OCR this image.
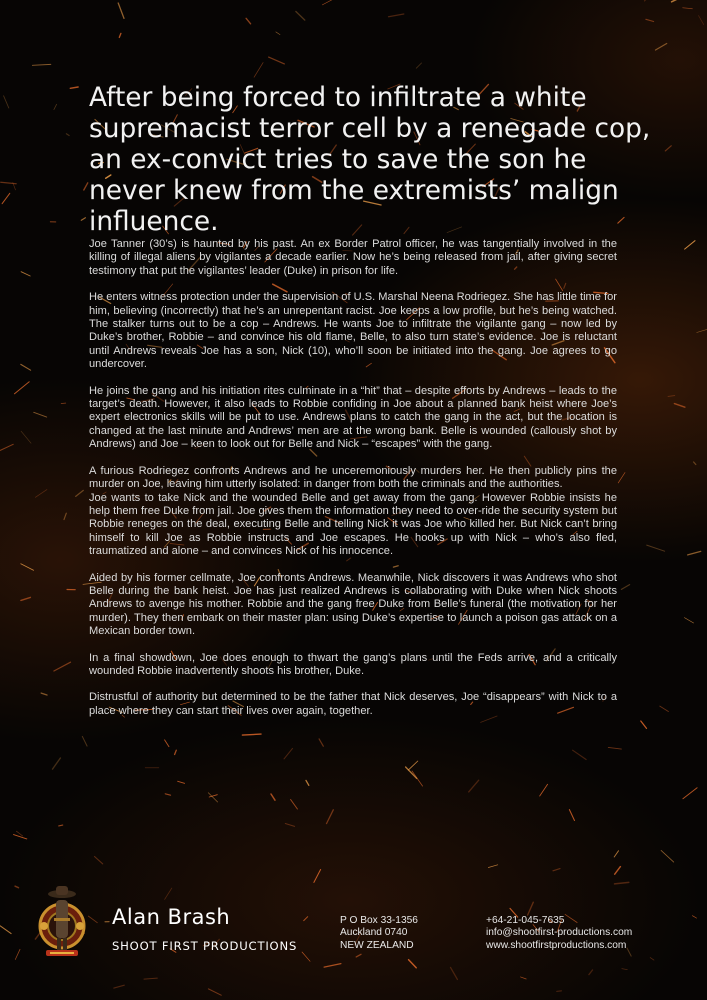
After being forced to infiltrate a white supremacist terror cell by a renegade cop, an ex-convict tries to save the son he never knew from the extremists’ malign influence.

Joe Tanner (30’s) is haunted by his past. An ex Border Patrol officer, he was tangentially involved in the killing of illegal aliens by vigilantes a decade earlier. Now he’s being released from jail, after giving secret testimony that put the vigilantes’ leader (Duke) in prison for life.

He enters witness protection under the supervision of U.S. Marshal Neena Rodriegez. She has little time for him, believing (incorrectly) that he’s an unrepentant racist. Joe keeps a low profile, but he’s being watched. The stalker turns out to be a cop – Andrews. He wants Joe to infiltrate the vigilante gang – now led by Duke’s brother, Robbie – and convince his old flame, Belle, to also turn state’s evidence. Joe is reluctant until Andrews reveals Joe has a son, Nick (10), who’ll soon be initiated into the gang. Joe agrees to go undercover.

He joins the gang and his initiation rites culminate in a “hit” that – despite efforts by Andrews – leads to the target’s death. However, it also leads to Robbie confiding in Joe about a planned bank heist where Joe’s expert electronics skills will be put to use. Andrews plans to catch the gang in the act, but the location is changed at the last minute and Andrews’ men are at the wrong bank. Belle is wounded (callously shot by Andrews) and Joe – keen to look out for Belle and Nick – “escapes” with the gang.

A furious Rodriegez confronts Andrews and he unceremoniously murders her. He then publicly pins the murder on Joe, leaving him utterly isolated: in danger from both the criminals and the authorities.

Joe wants to take Nick and the wounded Belle and get away from the gang. However Robbie insists he help them free Duke from jail. Joe gives them the information they need to over-ride the security system but Robbie reneges on the deal, executing Belle and telling Nick it was Joe who killed her. But Nick can’t bring himself to kill Joe as Robbie instructs and Joe escapes. He hooks up with Nick – who’s also fled, traumatized and alone – and convinces Nick of his innocence.

Aided by his former cellmate, Joe confronts Andrews. Meanwhile, Nick discovers it was Andrews who shot Belle during the bank heist. Joe has just realized Andrews is collaborating with Duke when Nick shoots Andrews to avenge his mother. Robbie and the gang free Duke from Belle’s funeral (the motivation for her murder). They then embark on their master plan: using Duke’s expertise to launch a poison gas attack on a Mexican border town.

In a final showdown, Joe does enough to thwart the gang’s plans until the Feds arrive, and a critically wounded Robbie inadvertently shoots his brother, Duke.

Distrustful of authority but determined to be the father that Nick deserves, Joe “disappears” with Nick to a place where they can start their lives over again, together.

Alan Brash
SHOOT FIRST PRODUCTIONS
P O Box 33-1356
Auckland 0740
NEW ZEALAND
+64-21-045-7635
info@shootfirst-productions.com
www.shootfirstproductions.com
